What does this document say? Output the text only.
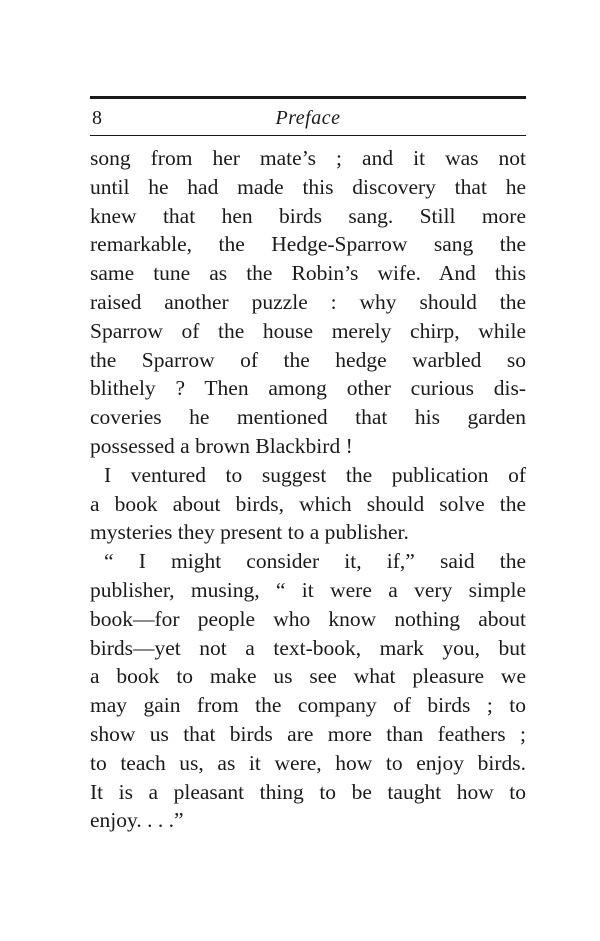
8	Preface
song from her mate’s ; and it was not
until he had made this discovery that he
knew that hen birds sang. Still more
remarkable, the Hedge-Sparrow sang the
same tune as the Robin’s wife. And this
raised another puzzle : why should the
Sparrow of the house merely chirp, while
the Sparrow of the hedge warbled so
blithely ? Then among other curious dis-
coveries he mentioned that his garden
possessed a brown Blackbird !
I ventured to suggest the publication of
a book about birds, which should solve the
mysteries they present to a publisher.
“ I might consider it, if,” said the
publisher, musing, “ it were a very simple
book—for people who know nothing about
birds—yet not a text-book, mark you, but
a book to make us see what pleasure we
may gain from the company of birds ; to
show us that birds are more than feathers ;
to teach us, as it were, how to enjoy birds.
It is a pleasant thing to be taught how to
enjoy. . . .”
